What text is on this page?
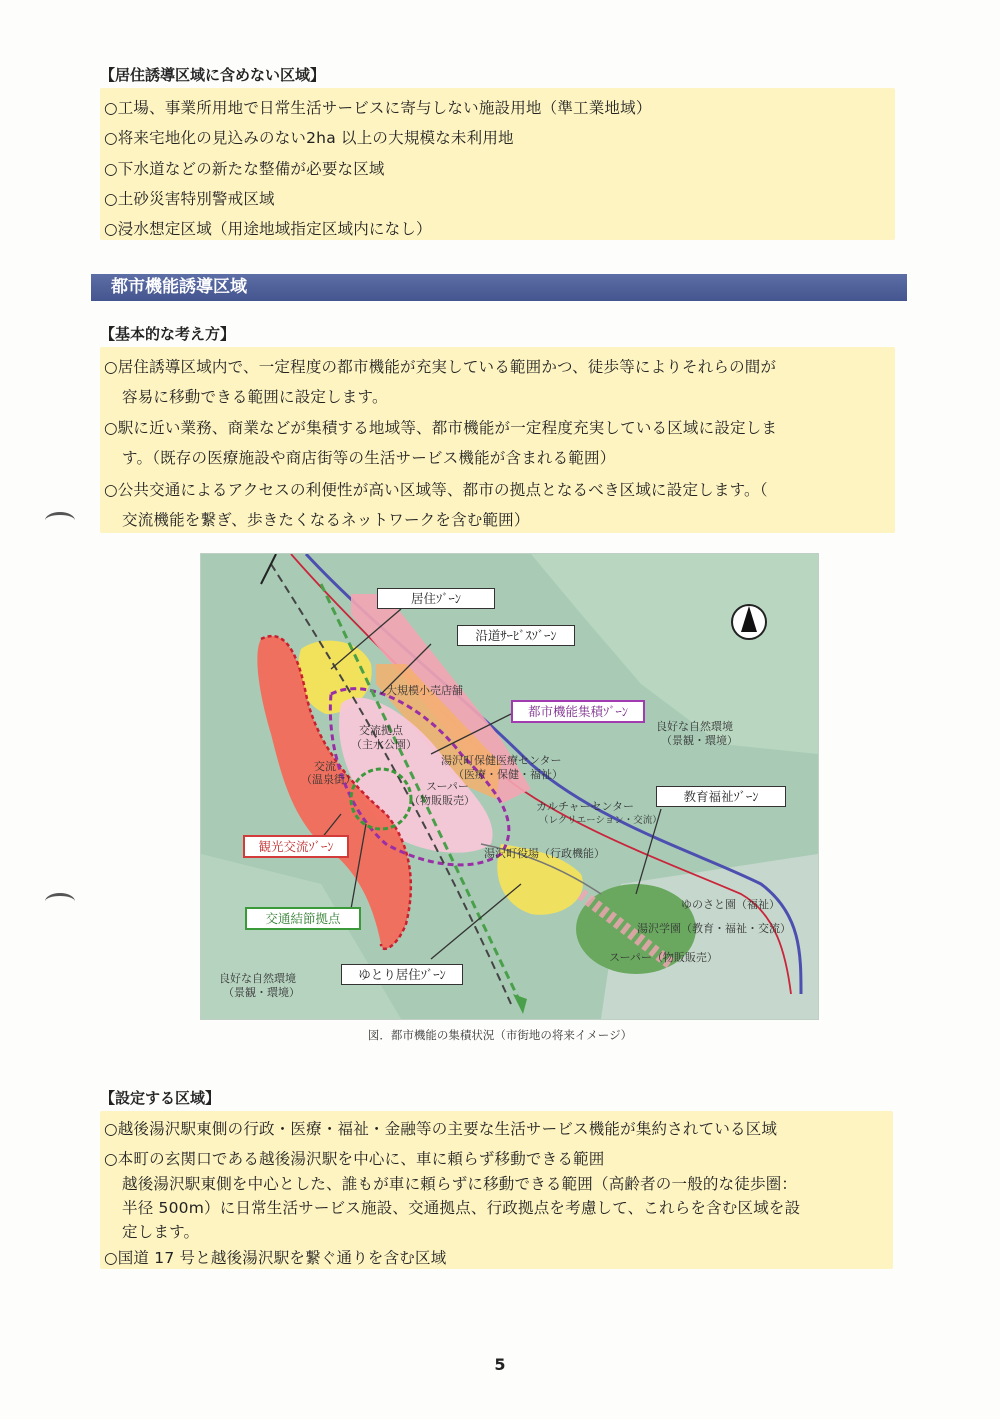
【居住誘導区域に含めない区域】
○工場、事業所用地で日常生活サービスに寄与しない施設用地（準工業地域）
○将来宅地化の見込みのない2ha 以上の大規模な未利用地
○下水道などの新たな整備が必要な区域
○土砂災害特別警戒区域
○浸水想定区域（用途地域指定区域内になし）
都市機能誘導区域
【基本的な考え方】
○居住誘導区域内で、一定程度の都市機能が充実している範囲かつ、徒歩等によりそれらの間が
容易に移動できる範囲に設定します。
○駅に近い業務、商業などが集積する地域等、都市機能が一定程度充実している区域に設定しま
す。（既存の医療施設や商店街等の生活サービス機能が含まれる範囲）
○公共交通によるアクセスの利便性が高い区域等、都市の拠点となるべき区域に設定します。（
交流機能を繋ぎ、歩きたくなるネットワークを含む範囲）
居住ｿﾞｰﾝ
沿道ｻｰﾋﾞｽｿﾞｰﾝ
都市機能集積ｿﾞｰﾝ
教育福祉ｿﾞｰﾝ
観光交流ｿﾞｰﾝ
交通結節拠点
ゆとり居住ｿﾞｰﾝ
大規模小売店舗
良好な自然環境
（景観・環境）
交流拠点
（主水公園）
湯沢町保健医療センター
（医療・保健・福祉）
交流
（温泉街）
スーパー
（物販販売）	カルチャーセンター
（レクリエーション・交流）
湯沢町役場（行政機能）
ゆのさと園（福祉）
湯沢学園（教育・福祉・交流）
スーパー（物販販売）
良好な自然環境
（景観・環境）
図．都市機能の集積状況（市街地の将来イメージ）
【設定する区域】
○越後湯沢駅東側の行政・医療・福祉・金融等の主要な生活サービス機能が集約されている区域
○本町の玄関口である越後湯沢駅を中心に、車に頼らず移動できる範囲
越後湯沢駅東側を中心とした、誰もが車に頼らずに移動できる範囲（高齢者の一般的な徒歩圏：
半径 500m）に日常生活サービス施設、交通拠点、行政拠点を考慮して、これらを含む区域を設
定します。
○国道 17 号と越後湯沢駅を繋ぐ通りを含む区域
5
